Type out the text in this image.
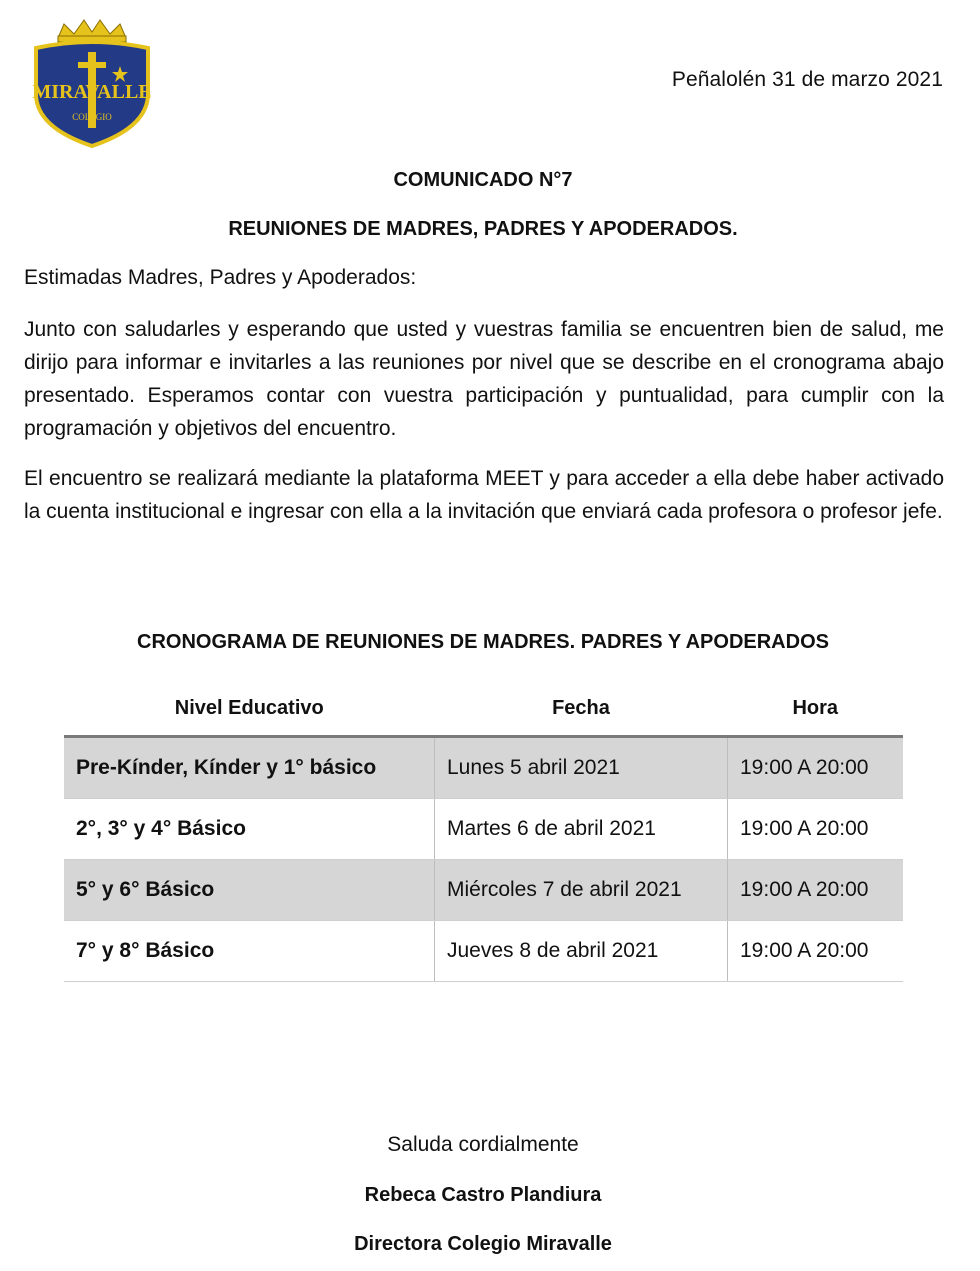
MIRAVALLE
COLEGIO
Peñalolén 31 de marzo 2021
COMUNICADO N°7
REUNIONES DE MADRES, PADRES Y APODERADOS.
Estimadas Madres, Padres y Apoderados:

Junto con saludarles y esperando que usted y vuestras familia se encuentren bien de salud, me dirijo para informar e invitarles a las reuniones por nivel que se describe en el cronograma abajo presentado. Esperamos contar con vuestra participación y puntualidad, para cumplir con la programación y objetivos del encuentro.

El encuentro se realizará mediante la plataforma MEET y para acceder a ella debe haber activado la cuenta institucional e ingresar con ella a la invitación que enviará cada profesora o profesor jefe.

CRONOGRAMA DE REUNIONES DE MADRES. PADRES Y APODERADOS
Nivel Educativo	Fecha	Hora
Pre-Kínder, Kínder y 1° básico	Lunes 5 abril 2021	19:00 A 20:00
2°, 3° y 4° Básico	Martes 6 de abril 2021	19:00 A 20:00
5° y 6° Básico	Miércoles 7 de abril 2021	19:00 A 20:00
7° y 8° Básico	Jueves 8 de abril 2021	19:00 A 20:00
Saluda cordialmente
Rebeca Castro Plandiura
Directora Colegio Miravalle
